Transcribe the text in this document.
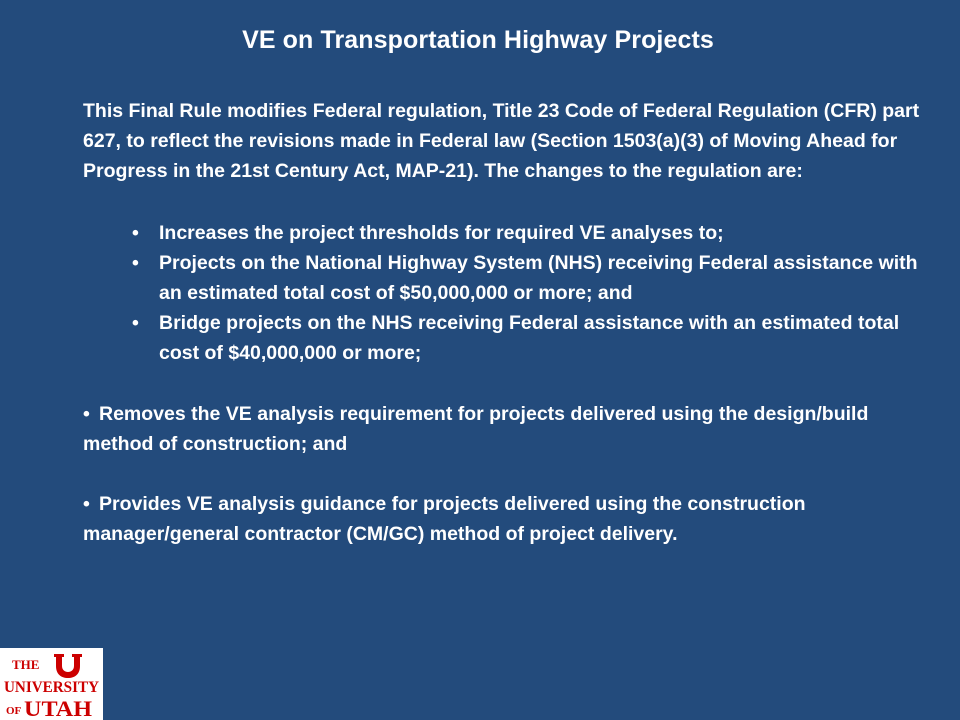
VE on Transportation Highway Projects

This Final Rule modifies Federal regulation, Title 23 Code of Federal Regulation (CFR) part 627, to reflect the revisions made in Federal law (Section 1503(a)(3) of Moving Ahead for Progress in the 21st Century Act, MAP-21). The changes to the regulation are:

• Increases the project thresholds for required VE analyses to;
• Projects on the National Highway System (NHS) receiving Federal assistance with an estimated total cost of $50,000,000 or more; and
• Bridge projects on the NHS receiving Federal assistance with an estimated total cost of $40,000,000 or more;

• Removes the VE analysis requirement for projects delivered using the design/build method of construction; and

• Provides VE analysis guidance for projects delivered using the construction manager/general contractor (CM/GC) method of project delivery.

THE
UNIVERSITY
OF UTAH
